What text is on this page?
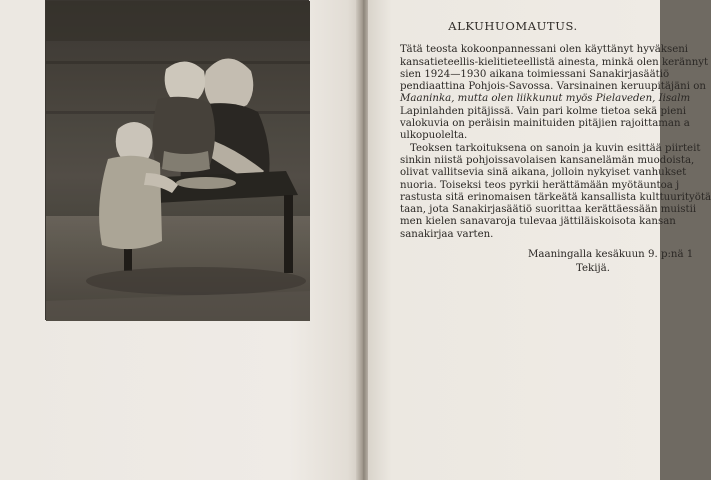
ALKUHUOMAUTUS.
Tätä teosta kokoonpannessani olen käyttänyt hyväkseni
kansatieteellis-kielitieteellistä ainesta, minkä olen kerännyt
sien 1924—1930 aikana toimiessani Sanakirjasäätiö
pendiaattina Pohjois-Savossa. Varsinainen keruupitäjäni on
Maaninka, mutta olen liikkunut myös Pielaveden, Iisalm
Lapinlahden pitäjissä. Vain pari kolme tietoa sekä pieni
valokuvia on peräisin mainituiden pitäjien rajoittaman a
ulkopuolelta.
Teoksen tarkoituksena on sanoin ja kuvin esittää piirteit
sinkin niistä pohjoissavolaisen kansanelämän muodoista,
olivat vallitsevia sinä aikana, jolloin nykyiset vanhukset
nuoria. Toiseksi teos pyrkii herättämään myötäuntoa j
rastusta sitä erinomaisen tärkeätä kansallista kulttuurityötä
taan, jota Sanakirjasäätiö suorittaa kerättäessään muistii
men kielen sanavaroja tulevaa jättiläiskoisota kansan
sanakirjaa varten.
Maaningalla kesäkuun 9. p:nä 1
Tekijä.
